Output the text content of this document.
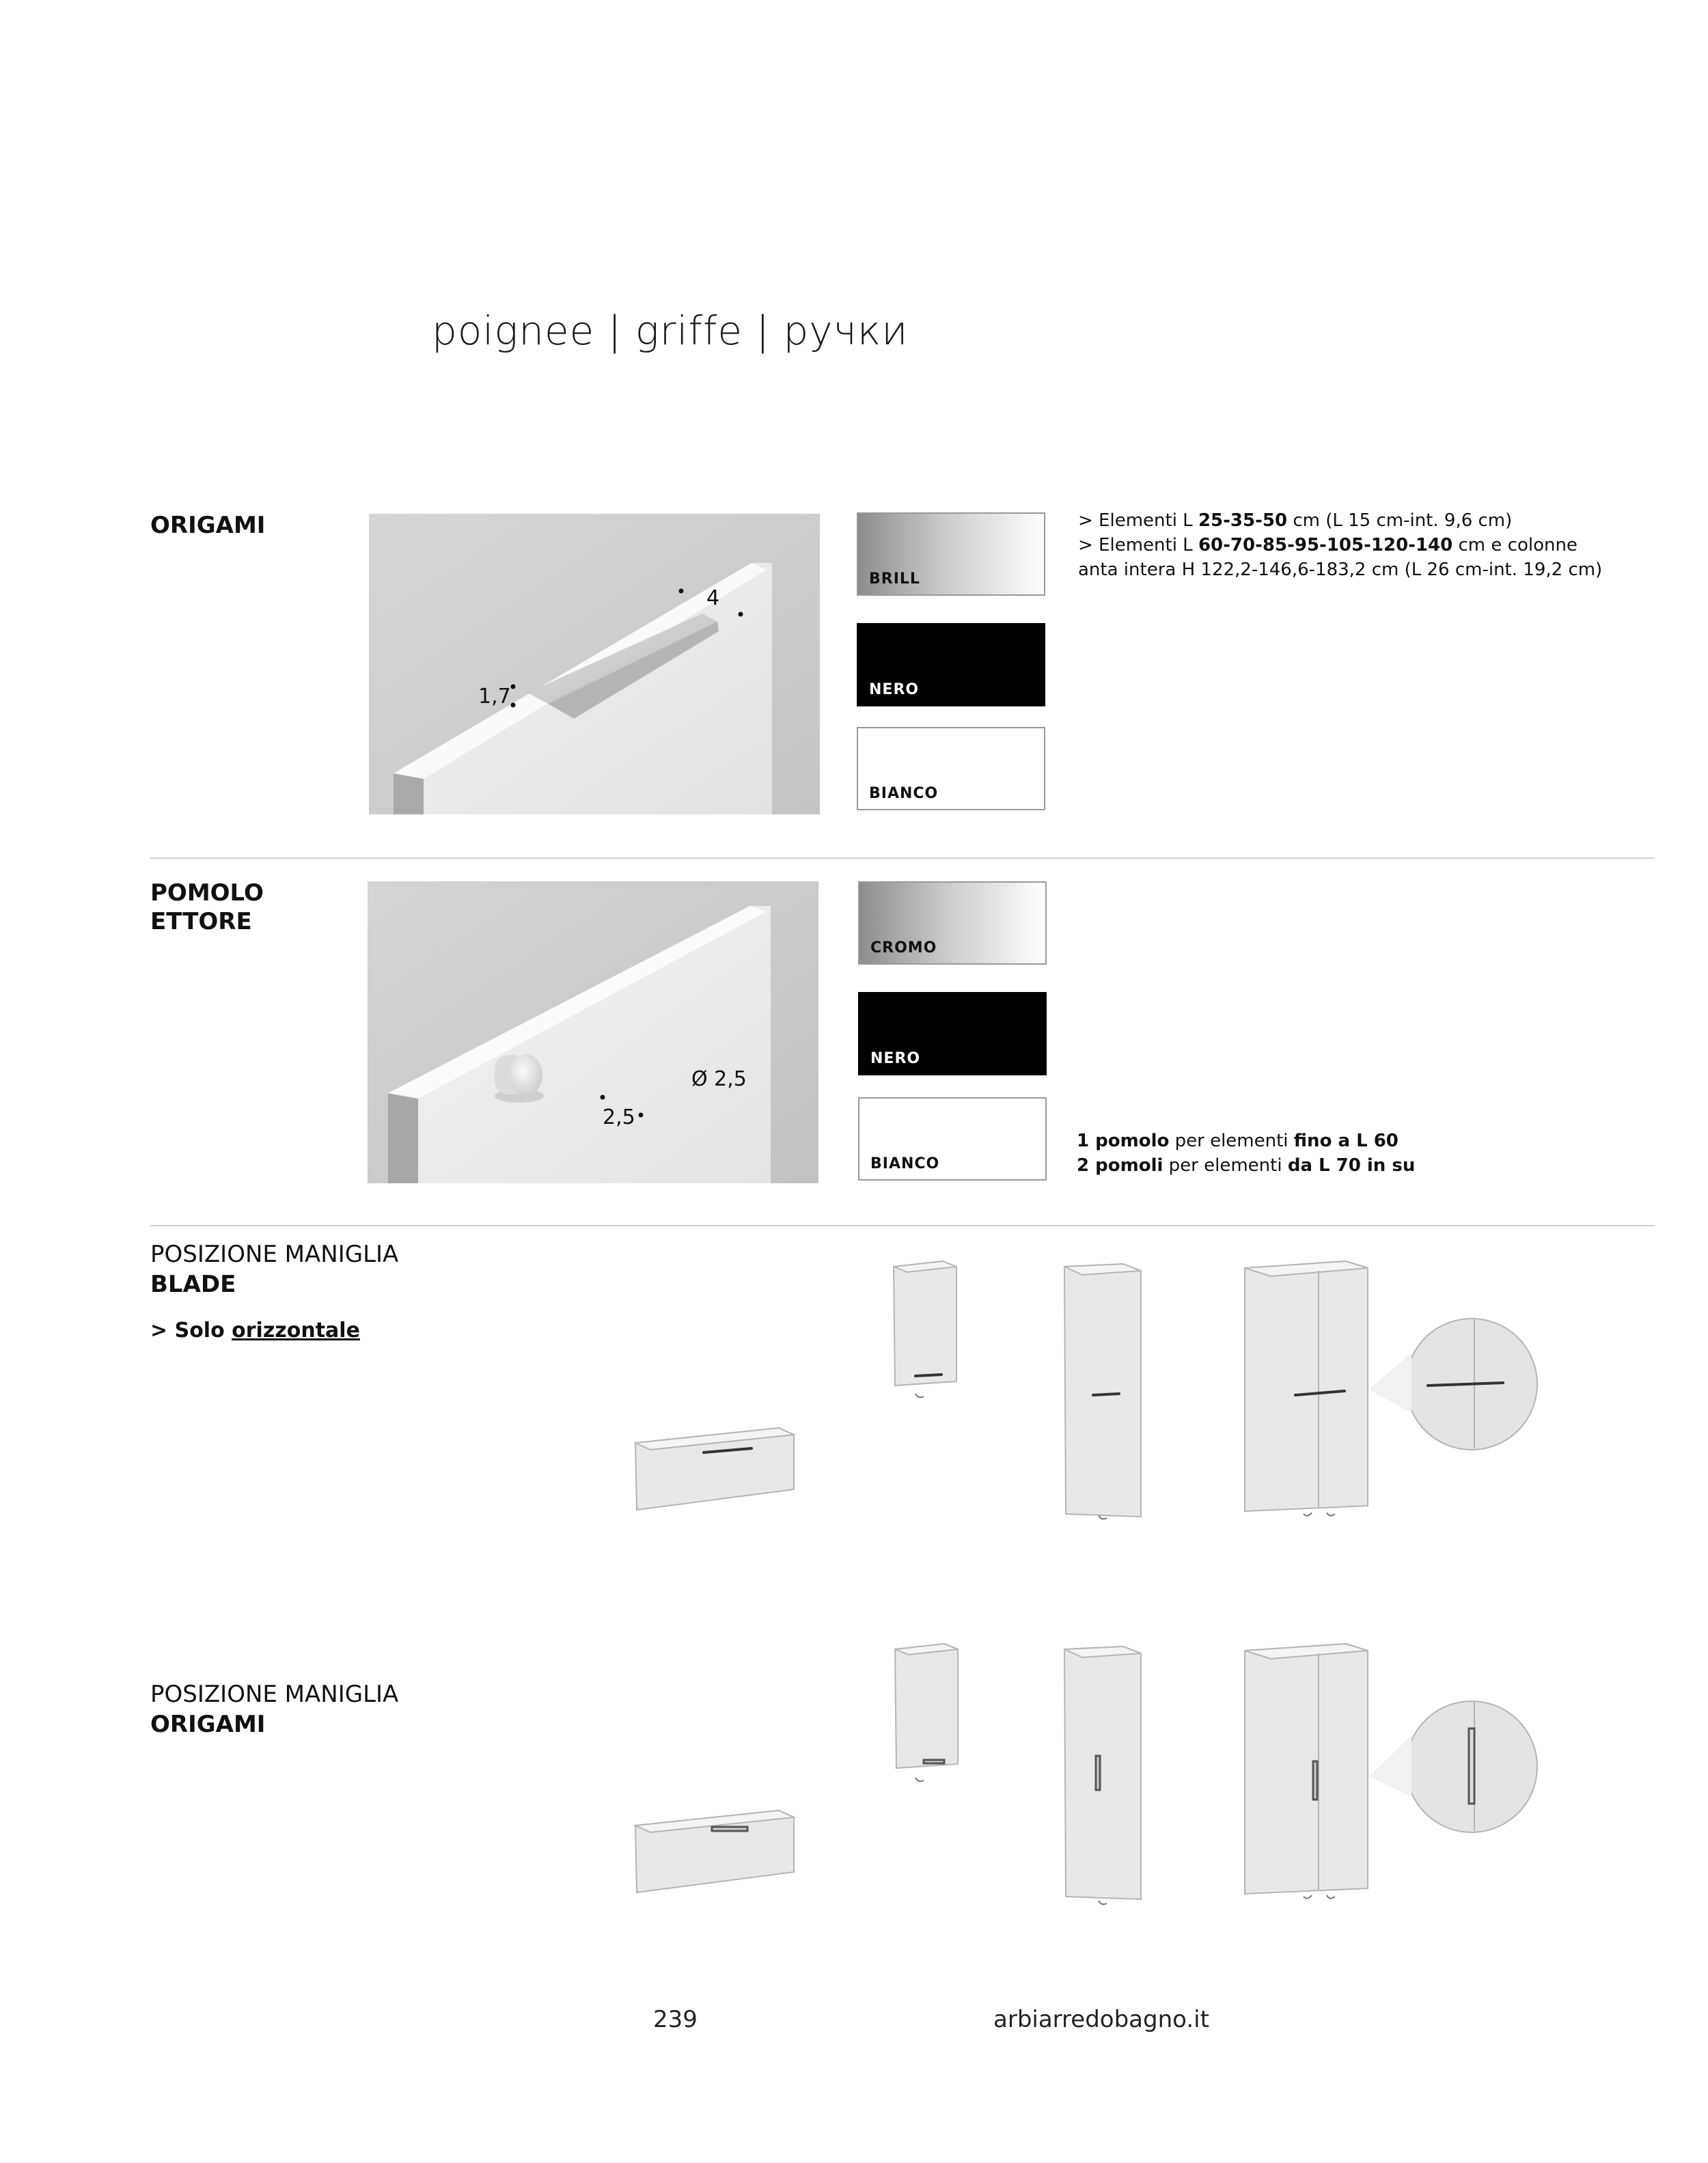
poignee | griffe | ручки
ORIGAMI
1,7
4
BRILL
NERO
BIANCO
> Elementi L 25-35-50 cm (L 15 cm-int. 9,6 cm)
> Elementi L 60-70-85-95-105-120-140 cm e colonne
anta intera H 122,2-146,6-183,2 cm (L 26 cm-int. 19,2 cm)
POMOLO
ETTORE
Ø 2,5
2,5
CROMO
NERO
BIANCO
1 pomolo per elementi fino a L 60
2 pomoli per elementi da L 70 in su
POSIZIONE MANIGLIA
BLADE
> Solo orizzontale
POSIZIONE MANIGLIA
ORIGAMI
239	arbiarredobagno.it
